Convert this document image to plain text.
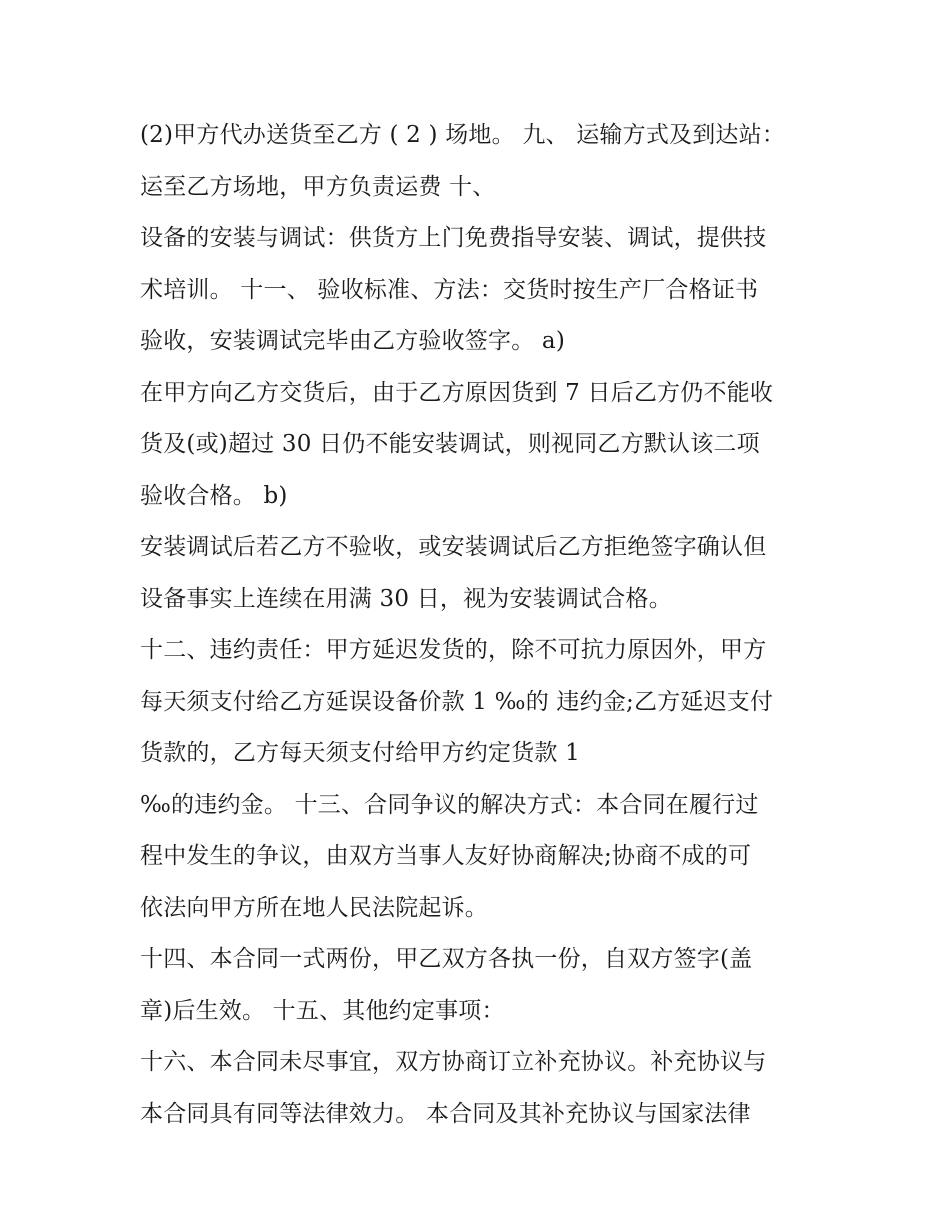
(2)甲方代办送货至乙方 ( 2 ) 场地。 九、 运输方式及到达站：
运至乙方场地，甲方负责运费 十、
设备的安装与调试：供货方上门免费指导安装、调试，提供技
术培训。 十一、 验收标准、方法：交货时按生产厂合格证书
验收，安装调试完毕由乙方验收签字。 a)
在甲方向乙方交货后，由于乙方原因货到 7 日后乙方仍不能收
货及(或)超过 30 日仍不能安装调试，则视同乙方默认该二项
验收合格。 b)
安装调试后若乙方不验收，或安装调试后乙方拒绝签字确认但
设备事实上连续在用满 30 日，视为安装调试合格。
十二、违约责任：甲方延迟发货的，除不可抗力原因外，甲方
每天须支付给乙方延误设备价款 1 ‰的 违约金;乙方延迟支付
货款的，乙方每天须支付给甲方约定货款 1
‰的违约金。 十三、合同争议的解决方式：本合同在履行过
程中发生的争议，由双方当事人友好协商解决;协商不成的可
依法向甲方所在地人民法院起诉。
十四、本合同一式两份，甲乙双方各执一份，自双方签字(盖
章)后生效。 十五、其他约定事项：
十六、本合同未尽事宜，双方协商订立补充协议。补充协议与
本合同具有同等法律效力。 本合同及其补充协议与国家法律
